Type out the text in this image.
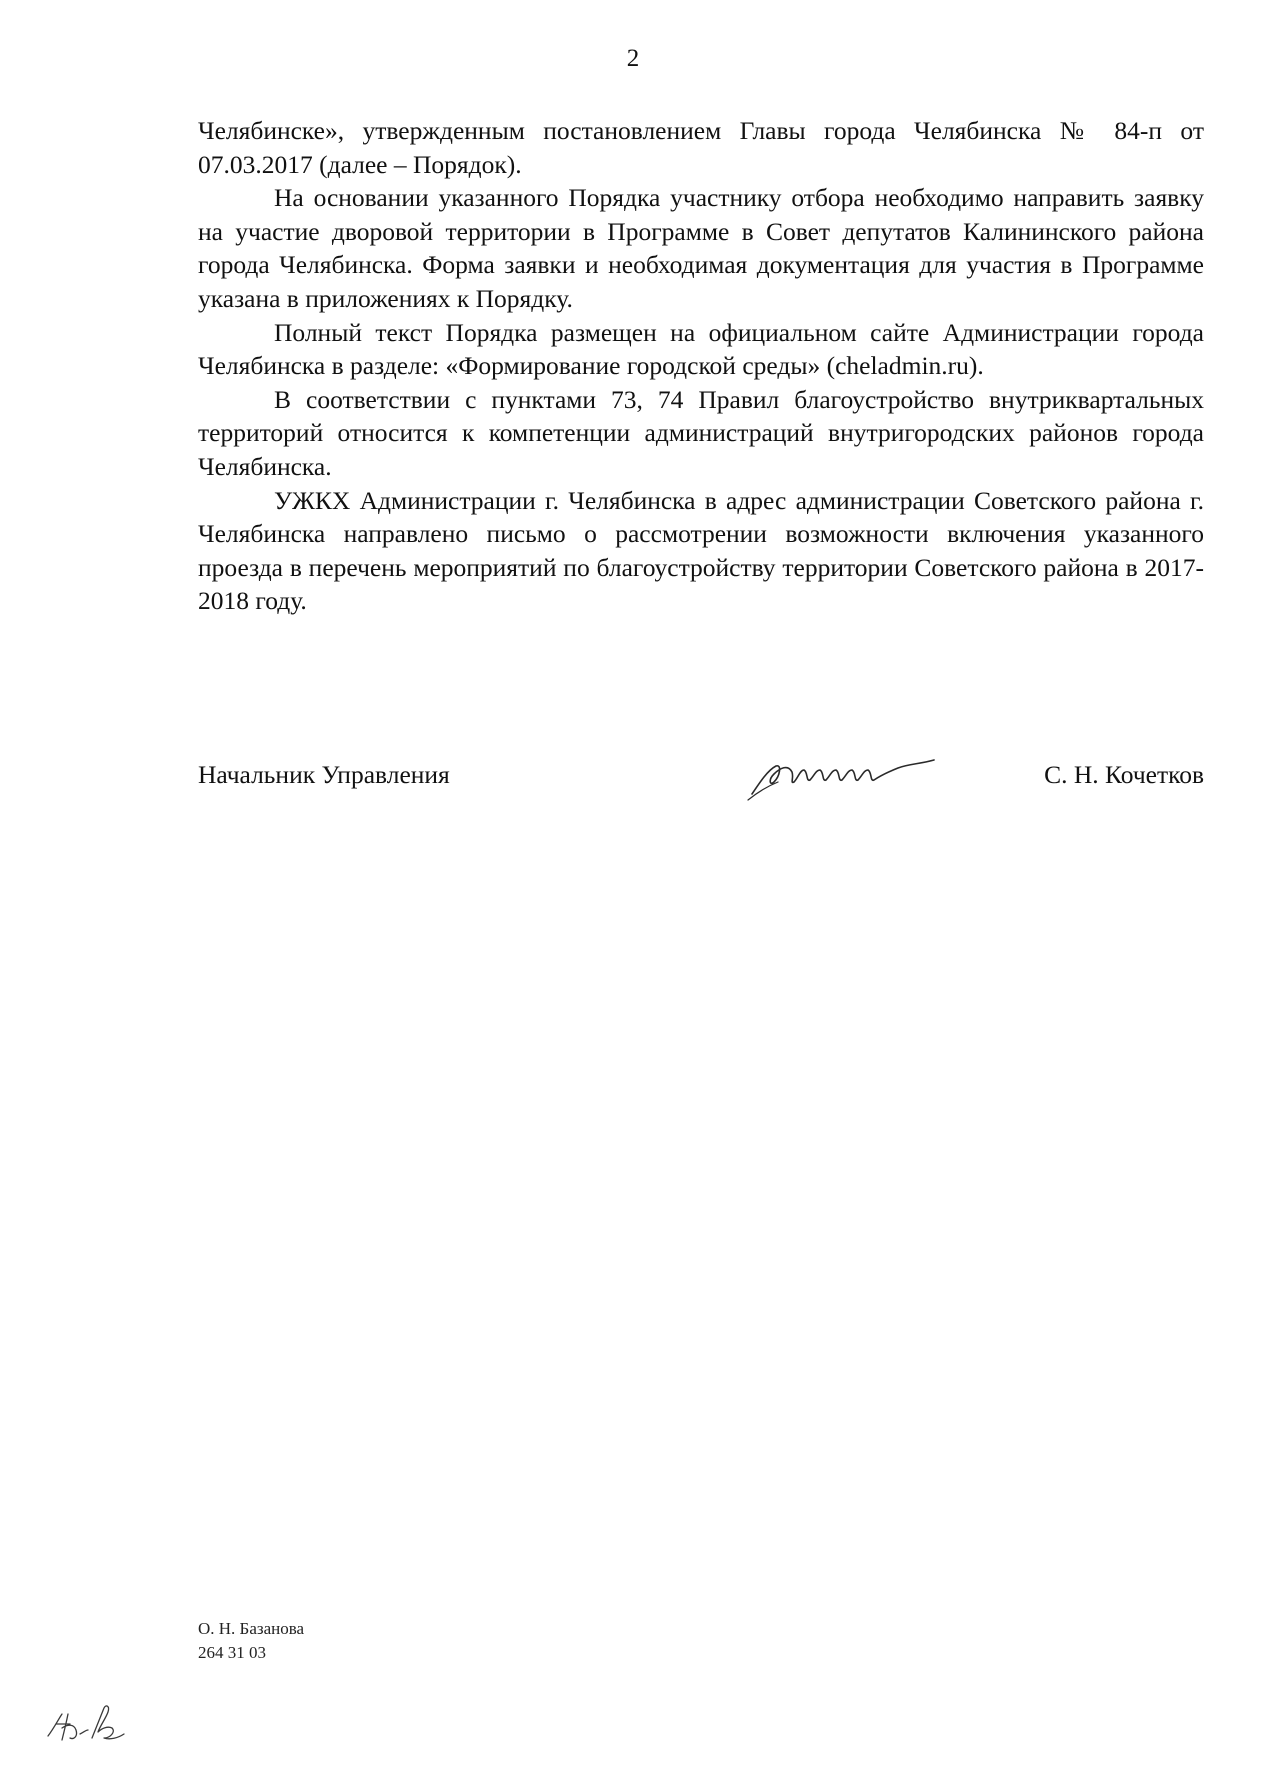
2

Челябинске», утвержденным постановлением Главы города Челябинска № 84-п от 07.03.2017 (далее – Порядок).

На основании указанного Порядка участнику отбора необходимо направить заявку на участие дворовой территории в Программе в Совет депутатов Калининского района города Челябинска. Форма заявки и необходимая документация для участия в Программе указана в приложениях к Порядку.

Полный текст Порядка размещен на официальном сайте Администрации города Челябинска в разделе: «Формирование городской среды» (cheladmin.ru).

В соответствии с пунктами 73, 74 Правил благоустройство внутриквартальных территорий относится к компетенции администраций внутригородских районов города Челябинска.

УЖКХ Администрации г. Челябинска в адрес администрации Советского района г. Челябинска направлено письмо о рассмотрении возможности включения указанного проезда в перечень мероприятий по благоустройству территории Советского района в 2017-2018 году.

Начальник Управления	С. Н. Кочетков
О. Н. Базанова
264 31 03
